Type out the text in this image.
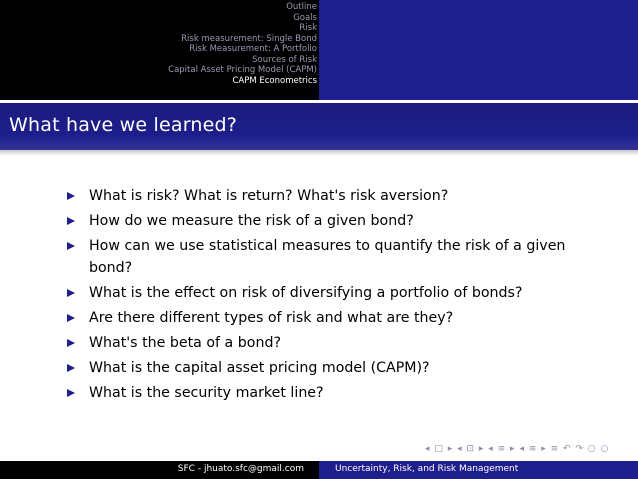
Outline
Goals
Risk
Risk measurement: Single Bond
Risk Measurement: A Portfolio
Sources of Risk
Capital Asset Pricing Model (CAPM)
CAPM Econometrics
What have we learned?
What is risk? What is return? What's risk aversion?
How do we measure the risk of a given bond?
How can we use statistical measures to quantify the risk of a given bond?
What is the effect on risk of diversifying a portfolio of bonds?
Are there different types of risk and what are they?
What's the beta of a bond?
What is the capital asset pricing model (CAPM)?
What is the security market line?
◂ □ ▸ ◂ ⊡ ▸ ◂ ≡ ▸ ◂ ≡ ▸ ≡ ↶ ↷ ○ ○
SFC - jhuato.sfc@gmail.com	Uncertainty, Risk, and Risk Management
